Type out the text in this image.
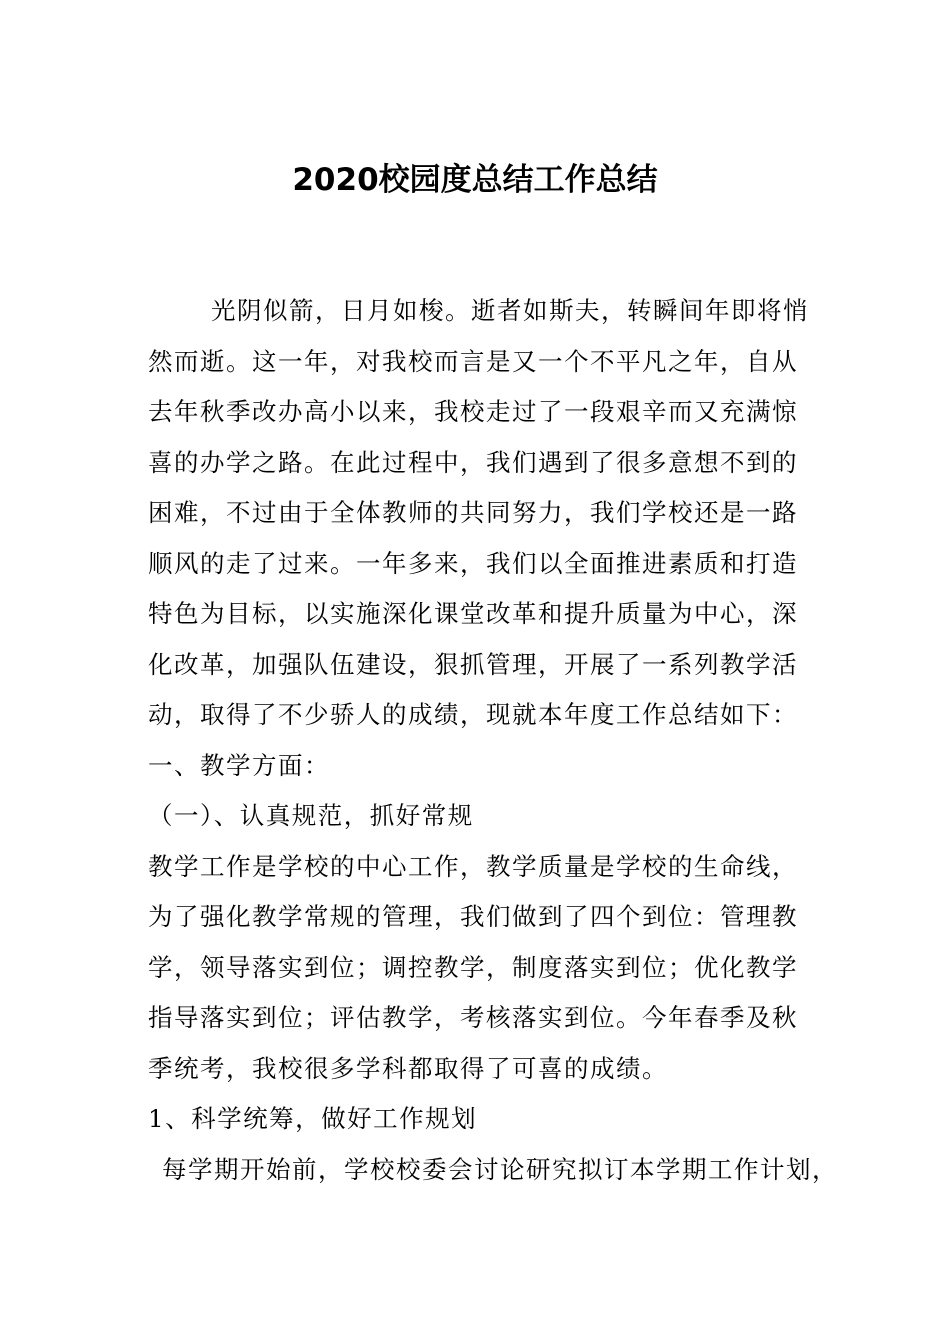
2020校园度总结工作总结
光阴似箭，日月如梭。逝者如斯夫，转瞬间年即将悄
然而逝。这一年，对我校而言是又一个不平凡之年，自从
去年秋季改办高小以来，我校走过了一段艰辛而又充满惊
喜的办学之路。在此过程中，我们遇到了很多意想不到的
困难，不过由于全体教师的共同努力，我们学校还是一路
顺风的走了过来。一年多来，我们以全面推进素质和打造
特色为目标，以实施深化课堂改革和提升质量为中心，深
化改革，加强队伍建设，狠抓管理，开展了一系列教学活
动，取得了不少骄人的成绩，现就本年度工作总结如下：
一、教学方面：
（一）、认真规范，抓好常规
教学工作是学校的中心工作，教学质量是学校的生命线，
为了强化教学常规的管理，我们做到了四个到位：管理教
学，领导落实到位；调控教学，制度落实到位；优化教学
指导落实到位；评估教学，考核落实到位。今年春季及秋
季统考，我校很多学科都取得了可喜的成绩。
1、科学统筹，做好工作规划
每学期开始前，学校校委会讨论研究拟订本学期工作计划，
